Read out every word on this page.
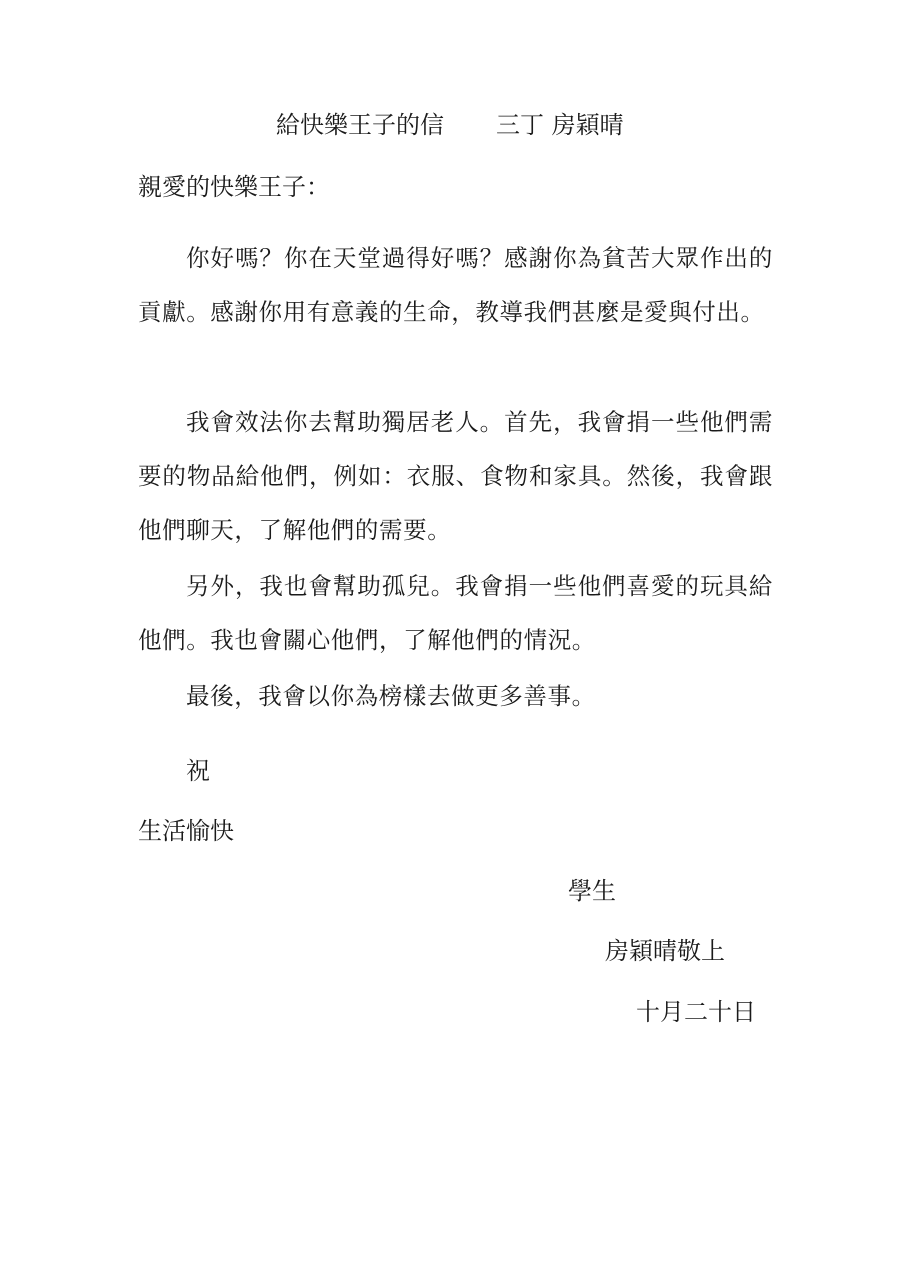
給快樂王子的信 三丁 房穎晴
親愛的快樂王子：

你好嗎？你在天堂過得好嗎？感謝你為貧苦大眾作出的貢獻。感謝你用有意義的生命，教導我們甚麼是愛與付出。

我會效法你去幫助獨居老人。首先，我會捐一些他們需要的物品給他們，例如：衣服、食物和家具。然後，我會跟他們聊天，了解他們的需要。

另外，我也會幫助孤兒。我會捐一些他們喜愛的玩具給他們。我也會關心他們，了解他們的情況。

最後，我會以你為榜樣去做更多善事。

祝
生活愉快
學生
房穎晴敬上
十月二十日
